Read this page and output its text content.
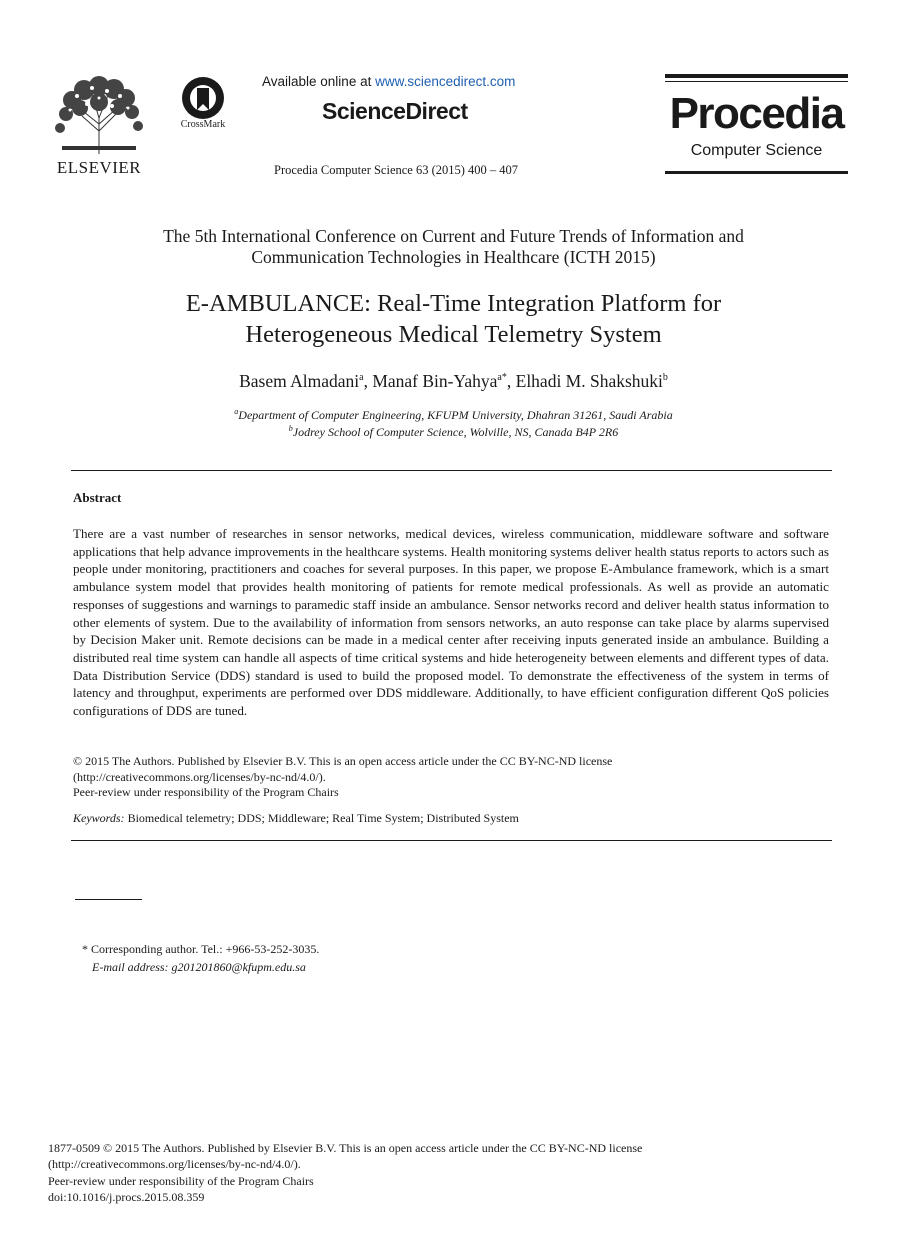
ELSEVIER
CrossMark
Available online at www.sciencedirect.com
ScienceDirect
Procedia Computer Science 63 (2015) 400 – 407
Procedia
Computer Science
The 5th International Conference on Current and Future Trends of Information and
Communication Technologies in Healthcare (ICTH 2015)
E-AMBULANCE: Real-Time Integration Platform for
Heterogeneous Medical Telemetry System
Basem Almadani$^a$, Manaf Bin-Yahya$^{a*}$, Elhadi M. Shakshuki$^b$
$^a$Department of Computer Engineering, KFUPM University, Dhahran 31261, Saudi Arabia
$^b$Jodrey School of Computer Science, Wolville, NS, Canada B4P 2R6
Abstract
There are a vast number of researches in sensor networks, medical devices, wireless communication, middleware software and software applications that help advance improvements in the healthcare systems. Health monitoring systems deliver health status reports to actors such as people under monitoring, practitioners and coaches for several purposes. In this paper, we propose E-Ambulance framework, which is a smart ambulance system model that provides health monitoring of patients for remote medical professionals. As well as provide an automatic responses of suggestions and warnings to paramedic staff inside an ambulance. Sensor networks record and deliver health status information to other elements of system. Due to the availability of information from sensors networks, an auto response can take place by alarms supervised by Decision Maker unit. Remote decisions can be made in a medical center after receiving inputs generated inside an ambulance. Building a distributed real time system can handle all aspects of time critical systems and hide heterogeneity between elements and different types of data. Data Distribution Service (DDS) standard is used to build the proposed model. To demonstrate the effectiveness of the system in terms of latency and throughput, experiments are performed over DDS middleware. Additionally, to have efficient configuration different QoS policies configurations of DDS are tuned.
© 2015 The Authors. Published by Elsevier B.V. This is an open access article under the CC BY-NC-ND license
(http://creativecommons.org/licenses/by-nc-nd/4.0/).
Peer-review under responsibility of the Program Chairs
Keywords: Biomedical telemetry; DDS; Middleware; Real Time System; Distributed System
* Corresponding author. Tel.: +966-53-252-3035.
E-mail address: g201201860@kfupm.edu.sa
1877-0509 © 2015 The Authors. Published by Elsevier B.V. This is an open access article under the CC BY-NC-ND license
(http://creativecommons.org/licenses/by-nc-nd/4.0/).
Peer-review under responsibility of the Program Chairs
doi:10.1016/j.procs.2015.08.359
